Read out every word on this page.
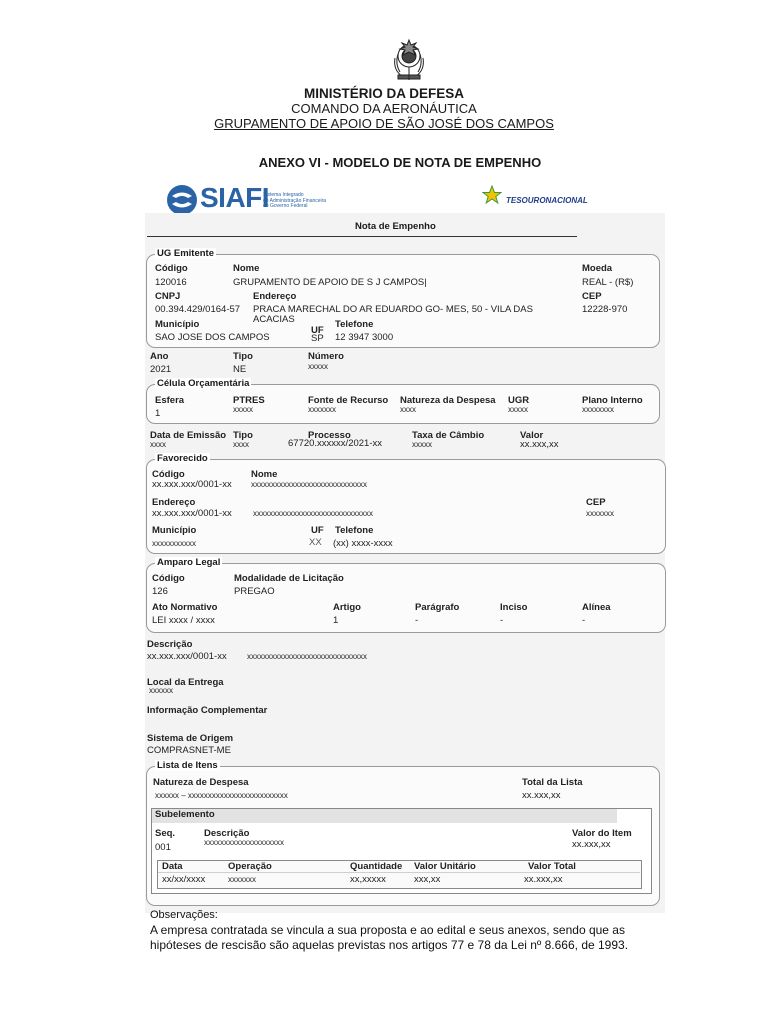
MINISTÉRIO DA DEFESA
COMANDO DA AERONÁUTICA
GRUPAMENTO DE APOIO DE SÃO JOSÉ DOS CAMPOS
ANEXO VI - MODELO DE NOTA DE EMPENHO
SIAFI
Sistema Integrado
de Administração Financeira
do Governo Federal
TESOURONACIONAL
Nota de Empenho
UG Emitente
Código
120016
Nome
GRUPAMENTO DE APOIO DE S J CAMPOS|
Moeda
REAL - (R$)
CNPJ
00.394.429/0164-57
Endereço
PRACA MARECHAL DO AR EDUARDO GO- MES, 50 - VILA DAS
ACACIAS
CEP
12228-970
Município
SAO JOSE DOS CAMPOS
UF
SP
Telefone
12 3947 3000
Ano
2021
Tipo
NE
Número
xxxxx
Célula Orçamentária
Esfera
1
PTRES
xxxxx
Fonte de Recurso
xxxxxxx
Natureza da Despesa
xxxx
UGR
xxxxx
Plano Interno
xxxxxxxx
Data de Emissão
xxxx
Tipo
xxxx
Processo
67720.xxxxxx/2021-xx
Taxa de Câmbio
xxxxx
Valor
xx.xxx,xx
Favorecido
Código
xx.xxx.xxx/0001-xx
Nome
xxxxxxxxxxxxxxxxxxxxxxxxxxxxx
Endereço
xx.xxx.xxx/0001-xx	xxxxxxxxxxxxxxxxxxxxxxxxxxxxxx
CEP
xxxxxxx
Município
xxxxxxxxxxx
UF
XX
Telefone
(xx) xxxx-xxxx
Amparo Legal
Código
126
Modalidade de Licitação
PREGAO
Ato Normativo
LEI xxxx / xxxx
Artigo
1
Parágrafo
-
Inciso
-
Alínea
-
Descrição
xx.xxx.xxx/0001-xx	xxxxxxxxxxxxxxxxxxxxxxxxxxxxxx
Local da Entrega
xxxxxx
Informação Complementar
Sistema de Origem
COMPRASNET-ME
Lista de Itens
Natureza de Despesa
xxxxxx – xxxxxxxxxxxxxxxxxxxxxxxxx
Total da Lista
xx.xxx,xx
Subelemento
Seq.
001
Descrição
xxxxxxxxxxxxxxxxxxxx
Valor do Item
xx.xxx,xx
Data	Operação	Quantidade Valor Unitário	Valor Total
xx/xx/xxxx	xxxxxxx	xx,xxxxx	xxx,xx	xx.xxx,xx
Observações:
A empresa contratada se vincula a sua proposta e ao edital e seus anexos, sendo que as
hipóteses de rescisão são aquelas previstas nos artigos 77 e 78 da Lei nº 8.666, de 1993.
